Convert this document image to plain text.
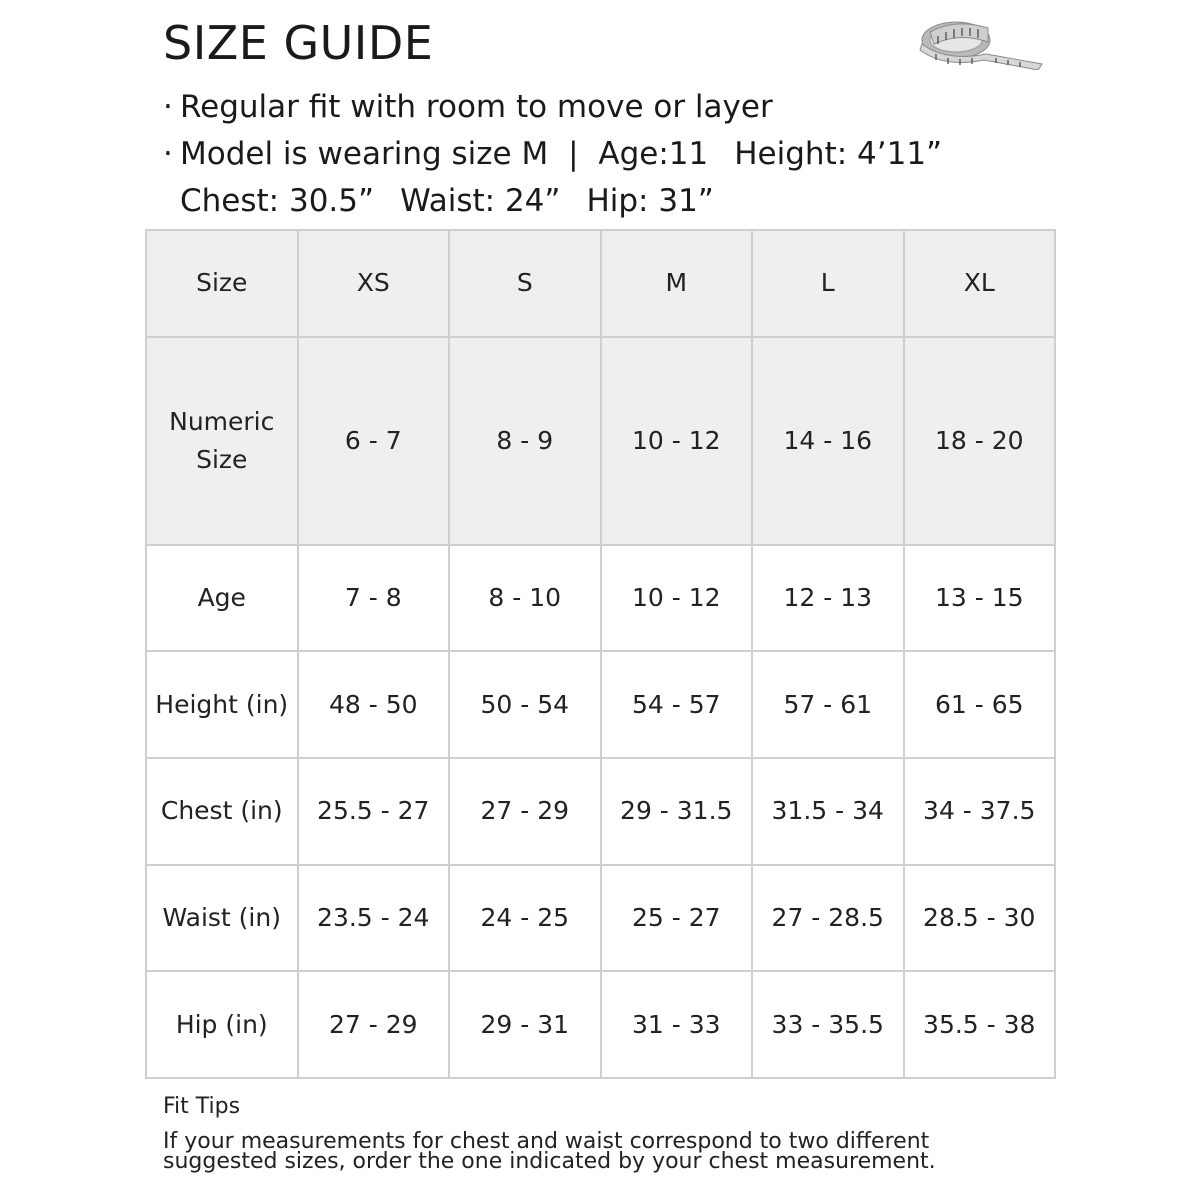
SIZE GUIDE
· Regular fit with room to move or layer
· Model is wearing size M | Age:11 Height: 4’11”
Chest: 30.5” Waist: 24” Hip: 31”
Size	XS	S	M	L	XL
Numeric
Size	6 - 7	8 - 9	10 - 12	14 - 16	18 - 20
Age	7 - 8	8 - 10	10 - 12	12 - 13	13 - 15
Height (in)	48 - 50	50 - 54	54 - 57	57 - 61	61 - 65
Chest (in)	25.5 - 27	27 - 29	29 - 31.5	31.5 - 34	34 - 37.5
Waist (in)	23.5 - 24	24 - 25	25 - 27	27 - 28.5	28.5 - 30
Hip (in)	27 - 29	29 - 31	31 - 33	33 - 35.5	35.5 - 38
Fit Tips
If your measurements for chest and waist correspond to two different
suggested sizes, order the one indicated by your chest measurement.
